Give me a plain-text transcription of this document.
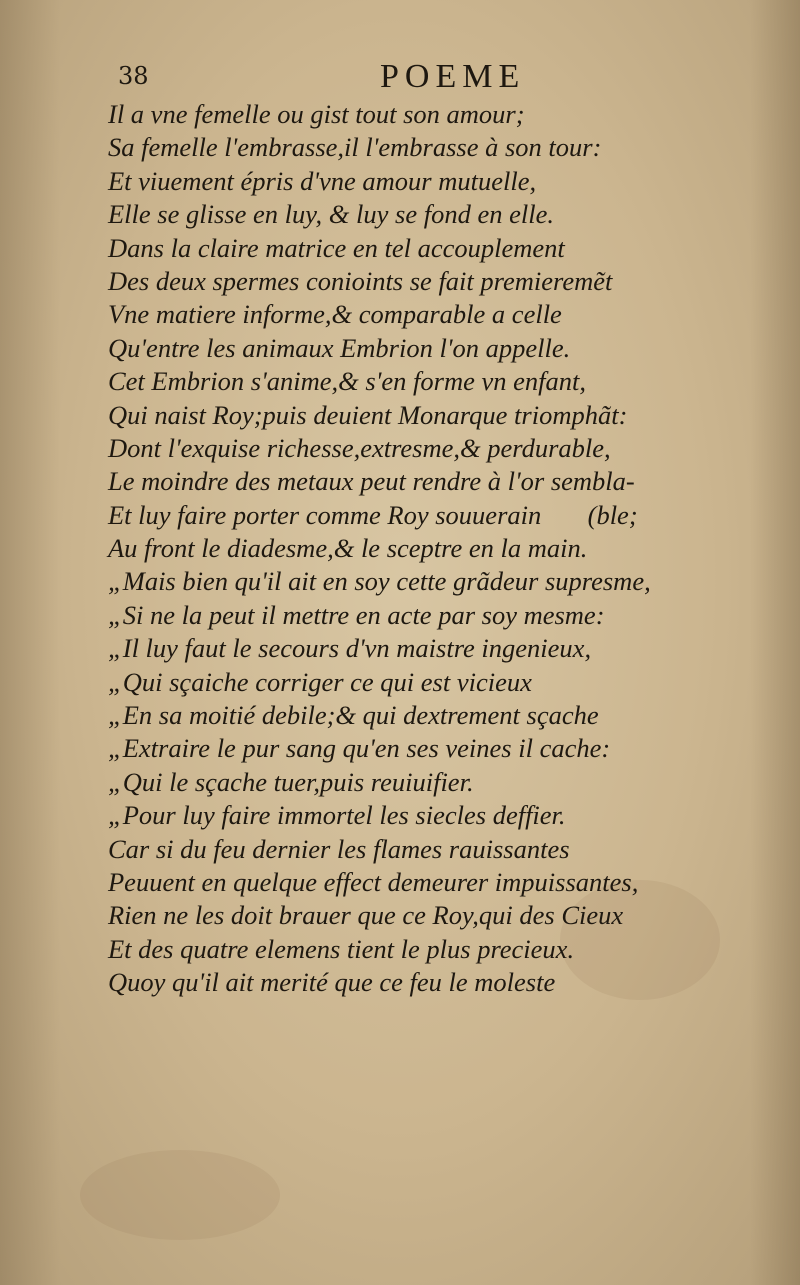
38	POEME
Il a vne femelle ou gist tout son amour;
Sa femelle l'embrasse,il l'embrasse à son tour:
Et viuement épris d'vne amour mutuelle,
Elle se glisse en luy, & luy se fond en elle.
Dans la claire matrice en tel accouplement
Des deux spermes conioints se fait premieremẽt
Vne matiere informe,& comparable a celle
Qu'entre les animaux Embrion l'on appelle.
Cet Embrion s'anime,& s'en forme vn enfant,
Qui naist Roy;puis deuient Monarque triomphãt:
Dont l'exquise richesse,extresme,& perdurable,
Le moindre des metaux peut rendre à l'or sembla-
Et luy faire porter comme Roy souuerain       (ble;
Au front le diadesme,& le sceptre en la main.
„Mais bien qu'il ait en soy cette grãdeur supresme,
„Si ne la peut il mettre en acte par soy mesme:
„Il luy faut le secours d'vn maistre ingenieux,
„Qui sçaiche corriger ce qui est vicieux
„En sa moitié debile;& qui dextrement sçache
„Extraire le pur sang qu'en ses veines il cache:
„Qui le sçache tuer,puis reuiuifier.
„Pour luy faire immortel les siecles deffier.
Car si du feu dernier les flames rauissantes
Peuuent en quelque effect demeurer impuissantes,
Rien ne les doit brauer que ce Roy,qui des Cieux
Et des quatre elemens tient le plus precieux.
Quoy qu'il ait merité que ce feu le moleste
